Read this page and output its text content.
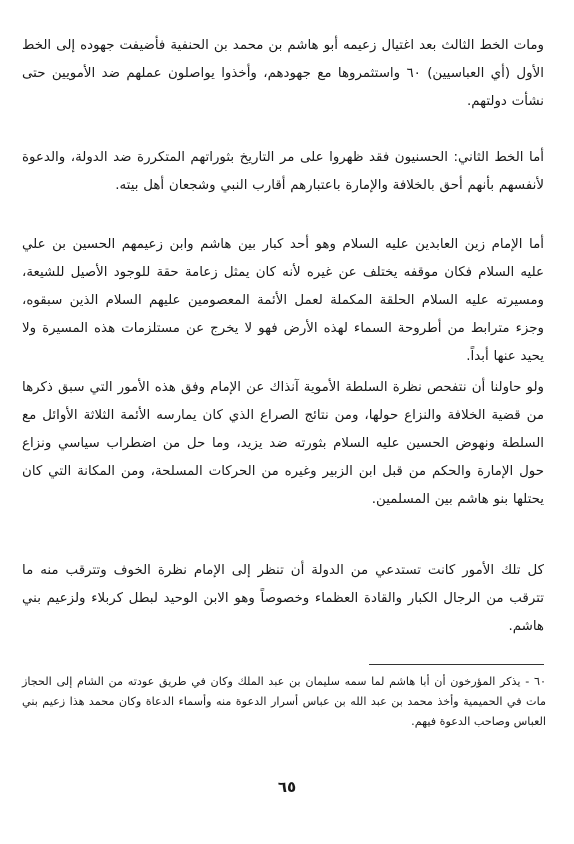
ومات الخط الثالث بعد اغتيال زعيمه أبو هاشم بن محمد بن الحنفية فأضيفت جهوده إلى الخط الأول (أي العباسيين) ٦٠ واستثمروها مع جهودهم، وأخذوا يواصلون عملهم ضد الأمويين حتى نشأت دولتهم.

أما الخط الثاني: الحسنيون فقد ظهروا على مر التاريخ بثوراتهم المتكررة ضد الدولة، والدعوة لأنفسهم بأنهم أحق بالخلافة والإمارة باعتبارهم أقارب النبي وشجعان أهل بيته.

أما الإمام زين العابدين عليه السلام وهو أحد كبار بين هاشم وابن زعيمهم الحسين بن علي عليه السلام فكان موقفه يختلف عن غيره لأنه كان يمثل زعامة حقة للوجود الأصيل للشيعة، ومسيرته عليه السلام الحلقة المكملة لعمل الأئمة المعصومين عليهم السلام الذين سبقوه، وجزء مترابط من أطروحة السماء لهذه الأرض فهو لا يخرج عن مستلزمات هذه المسيرة ولا يحيد عنها أبداً.

ولو حاولنا أن نتفحص نظرة السلطة الأموية آنذاك عن الإمام وفق هذه الأمور التي سبق ذكرها من قضية الخلافة والنزاع حولها، ومن نتائج الصراع الذي كان يمارسه الأئمة الثلاثة الأوائل مع السلطة ونهوض الحسين عليه السلام بثورته ضد يزيد، وما حل من اضطراب سياسي ونزاع حول الإمارة والحكم من قبل ابن الزبير وغيره من الحركات المسلحة، ومن المكانة التي كان يحتلها بنو هاشم بين المسلمين.

كل تلك الأمور كانت تستدعي من الدولة أن تنظر إلى الإمام نظرة الخوف وتترقب منه ما تترقب من الرجال الكبار والقادة العظماء وخصوصاً وهو الابن الوحيد لبطل كربلاء ولزعيم بني هاشم.

٦٠ - يذكر المؤرخون أن أبا هاشم لما سمه سليمان بن عبد الملك وكان في طريق عودته من الشام إلى الحجاز مات في الحميمية وأخذ محمد بن عبد الله بن عباس أسرار الدعوة منه وأسماء الدعاة وكان محمد هذا زعيم بني العباس وصاحب الدعوة فيهم.

٦٥
